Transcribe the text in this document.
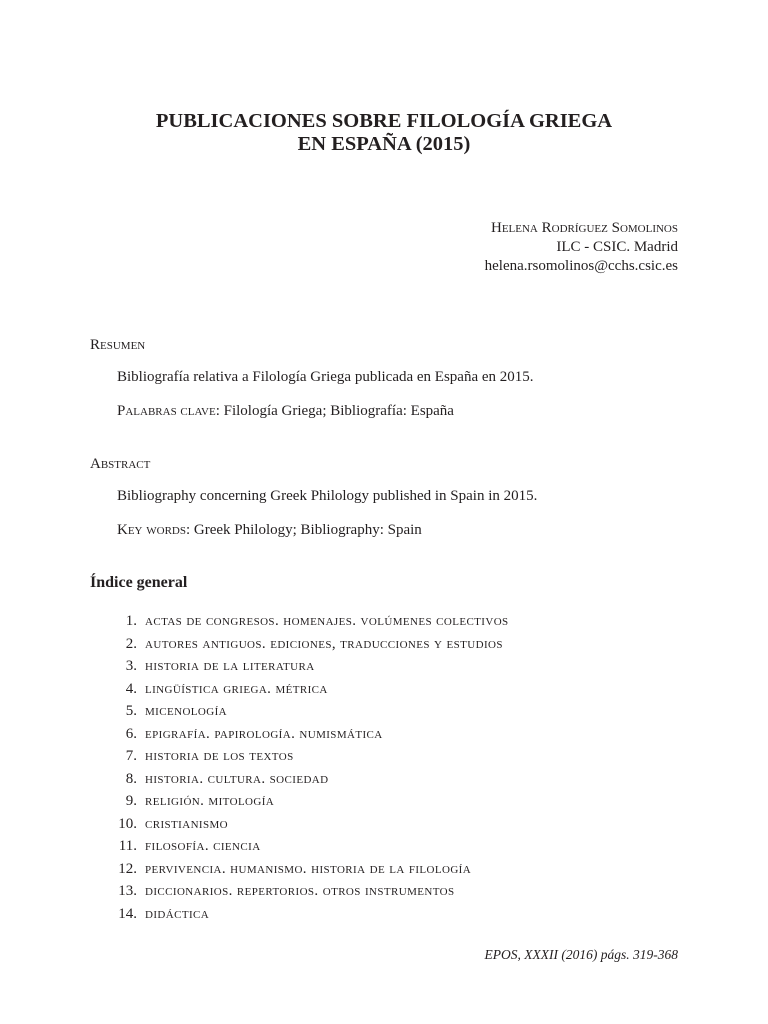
PUBLICACIONES SOBRE FILOLOGÍA GRIEGA
EN ESPAÑA (2015)
Helena Rodríguez Somolinos
ILC - CSIC. Madrid
helena.rsomolinos@cchs.csic.es
Resumen
Bibliografía relativa a Filología Griega publicada en España en 2015.
Palabras clave: Filología Griega; Bibliografía: España
Abstract
Bibliography concerning Greek Philology published in Spain in 2015.
Key words: Greek Philology; Bibliography: Spain
Índice general
1. actas de congresos. homenajes. volúmenes colectivos
2. autores antiguos. ediciones, traducciones y estudios
3. historia de la literatura
4. lingüística griega. métrica
5. micenología
6. epigrafía. papirología. numismática
7. historia de los textos
8. historia. cultura. sociedad
9. religión. mitología
10. cristianismo
11. filosofía. ciencia
12. pervivencia. humanismo. historia de la filología
13. diccionarios. repertorios. otros instrumentos
14. didáctica
EPOS, XXXII (2016) págs. 319-368
